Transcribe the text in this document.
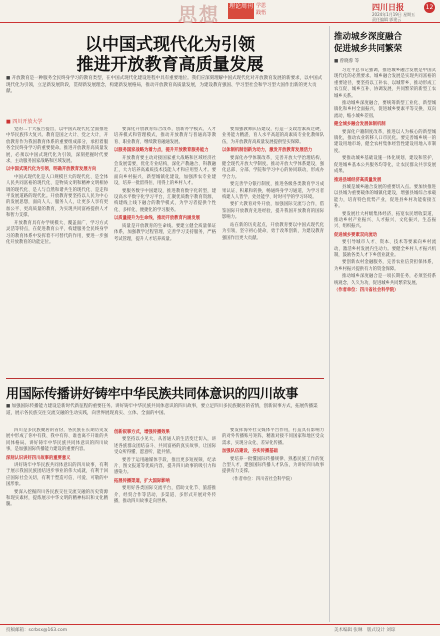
思想 理论周刊 学思践悟
四川日报	12
2024年1月19日 星期五
责任编辑 郭建云
以中国式现代化为引领
推进开放教育高质量发展
■ 开放教育是一种服务全民终身学习的教育类型，在中国式现代化建设进程中具有重要地位。我们应深刻理解中国式现代化对开放教育发展的新要求，以中国式现代化为引领，立足新发展阶段，贯彻新发展理念，构建新发展格局，推动开放教育高质量发展，为建设教育强国、学习型社会和学习型大国作出新的更大贡献。
■ 四川开放大学

党的二十大报告提出，以中国式现代化全面推进中华民族伟大复兴。教育是国之大计、党之大计，开放教育作为我国教育体系的重要组成部分，承担着服务全民终身学习的重要使命。推进开放教育高质量发展，必须以中国式现代化为引领，深刻把握时代要求，主动服务国家战略和区域发展。

以中国式现代化为引领，明确开放教育发展方向

中国式现代化是人口规模巨大的现代化、是全体人民共同富裕的现代化、是物质文明和精神文明相协调的现代化、是人与自然和谐共生的现代化、是走和平发展道路的现代化。开放教育要坚持以人民为中心的发展思想，面向人人、服务人人，让更多人享有更加公平、更高质量的教育，为实现共同富裕提供人才和智力支撑。

开放教育具有办学规模大、覆盖面广、学习方式灵活等特点，在促进教育公平、构建服务全民终身学习的教育体系中发挥着不可替代的作用，要进一步强化开放教育的功能定位。

要深化开放教育综合改革，创新办学模式、人才培养模式和管理模式，推动开放教育与普通高等教育、职业教育、继续教育融通发展。

以服务国家战略为着力点，提升开放教育服务能力

开放教育要主动对接国家重大战略和区域经济社会发展需要，优化专业结构，深化产教融合、科教融汇，大力培养高素质技术技能人才和应用型人才。要面向乡村振兴、新型城镇化建设，加强涉农专业建设，培养一批留得住、用得上的乡村人才。

要服务数字中国建设，推进教育数字化转型，建设高水平数字化学习平台，汇聚优质数字教育资源，构建线上线下融合的教学模式，为学习者提供个性化、多样化、便捷化的学习服务。

以质量提升为生命线，推动开放教育内涵发展

质量是开放教育的生命线。要建立健全质量保证体系，加强教学过程管理，完善学习支持服务，严格考试管理，提升人才培养质量。

要加强教师队伍建设，打造一支政治素质过硬、业务能力精湛、育人水平高超的高素质专业化教师队伍，为开放教育高质量发展提供坚实保障。

以体制机制创新为动力，激发开放教育发展活力

要深化办学体制改革，完善开放大学治理结构，健全现代开放大学制度。推动开放大学体系建设，强化总部、分部、学院和学习中心的协同联动，形成办学合力。

要完善学分银行制度，推进各级各类教育学习成果认证、积累和转换，畅通终身学习通道，为学习者构建人人皆学、处处能学、时时可学的学习环境。

要扩大教育对外开放，加强国际交流与合作，借鉴国际开放教育先进经验，提升我国开放教育的国际影响力。

站在新的历史起点，开放教育要以中国式现代化为引领，坚守初心使命，勇于改革创新，为建设教育强国作出更大贡献。

用国际传播讲好铸牢中华民族共同体意识的四川故事
■ 加强国际传播能力建设是新时代新征程的重要任务。讲好铸牢中华民族共同体意识的四川故事，要立足四川多民族聚居的省情，创新叙事方式，拓展传播渠道，展示各民族交往交流交融的生动实践，向世界展现真实、立体、全面的中国。

四川是多民族聚居的省份，各民族在长期历史发展中形成了你中有我、我中有你、谁也离不开谁的共同体格局。讲好铸牢中华民族共同体意识的四川故事，是加强国际传播能力建设的重要内容。

深刻认识讲好四川故事的重要意义

讲好铸牢中华民族共同体意识的四川故事，有利于展示我国民族团结进步事业的伟大成就，有利于回应国际社会关切，有利于塑造可信、可爱、可敬的中国形象。

要深入挖掘四川各民族交往交流交融的历史资源和现实素材，提炼展示中华文明的精神标识和文化精髓。

创新叙事方式，增强传播效果

要坚持以小见大，从普通人的生活变迁切入，讲述各族群众团结奋斗、共同富裕的真实故事，让国际受众听得懂、愿意听、能共情。

要善于运用融媒体手段，推出更多短视频、纪录片、图文报道等优质内容，提升四川故事的吸引力和感染力。

拓展传播渠道，扩大国际影响

要用好各类国际交流平台，借助文化节、旅游推介、经贸合作等活动，多渠道、多形式开展对外传播，推动四川故事走向世界。

要发挥海外社交媒体平台作用，打造具有影响力的对外传播账号矩阵，精准对接不同国家和地区受众需求，实现分众化、差异化传播。

加强队伍建设，夯实传播基础

要培养一批懂国际传播规律、熟悉民族工作的复合型人才，建强国际传播人才队伍，为讲好四川故事提供有力支撑。

（作者单位：四川省社会科学院）

推动城乡深度融合
促进城乡共同繁荣
■ 曾晓蓉 等

习近平总书记强调，推进城乡融合发展是中国式现代化的必然要求。城乡融合发展是实现共同富裕的重要途径，要坚持以工补农、以城带乡，推动形成工农互促、城乡互补、协调发展、共同繁荣的新型工农城乡关系。

推动城乡深度融合，要统筹新型工业化、新型城镇化和乡村全面振兴，促进城乡要素平等交换、双向流动，缩小城乡差别。

健全城乡融合发展体制机制

要深化户籍制度改革，推进以人为核心的新型城镇化，推动农业转移人口市民化。要完善城乡统一的建设用地市场，健全农村集体经营性建设用地入市制度。

要推动城乡基础设施一体化规划、建设和管护，促进城乡基本公共服务均等化，让农民群众共享发展成果。

推进县域经济高质量发展

县城是城乡融合发展的重要切入点。要加快推进以县城为重要载体的城镇化建设，增强县城综合承载能力，培育特色优势产业，促进县乡村功能衔接互补。

要发展壮大村级集体经济，拓宽农民增收渠道，推动乡村产业振兴、人才振兴、文化振兴、生态振兴、组织振兴。

促进城乡要素双向流动

要引导城市人才、资本、技术等要素向乡村流动，激活乡村发展内生动力。要健全乡村人才振兴机制，鼓励各类人才下乡创业就业。

要创新农村金融服务，完善农业信贷担保体系，为乡村振兴提供有力的资金保障。

推动城乡深度融合是一项长期任务，必须坚持系统观念，久久为功，促进城乡共同繁荣发展。

（作者单位：四川省社会科学院）
投稿邮箱：scrbsx@163.com	美术编辑 张琳　版式设计 刘琼
